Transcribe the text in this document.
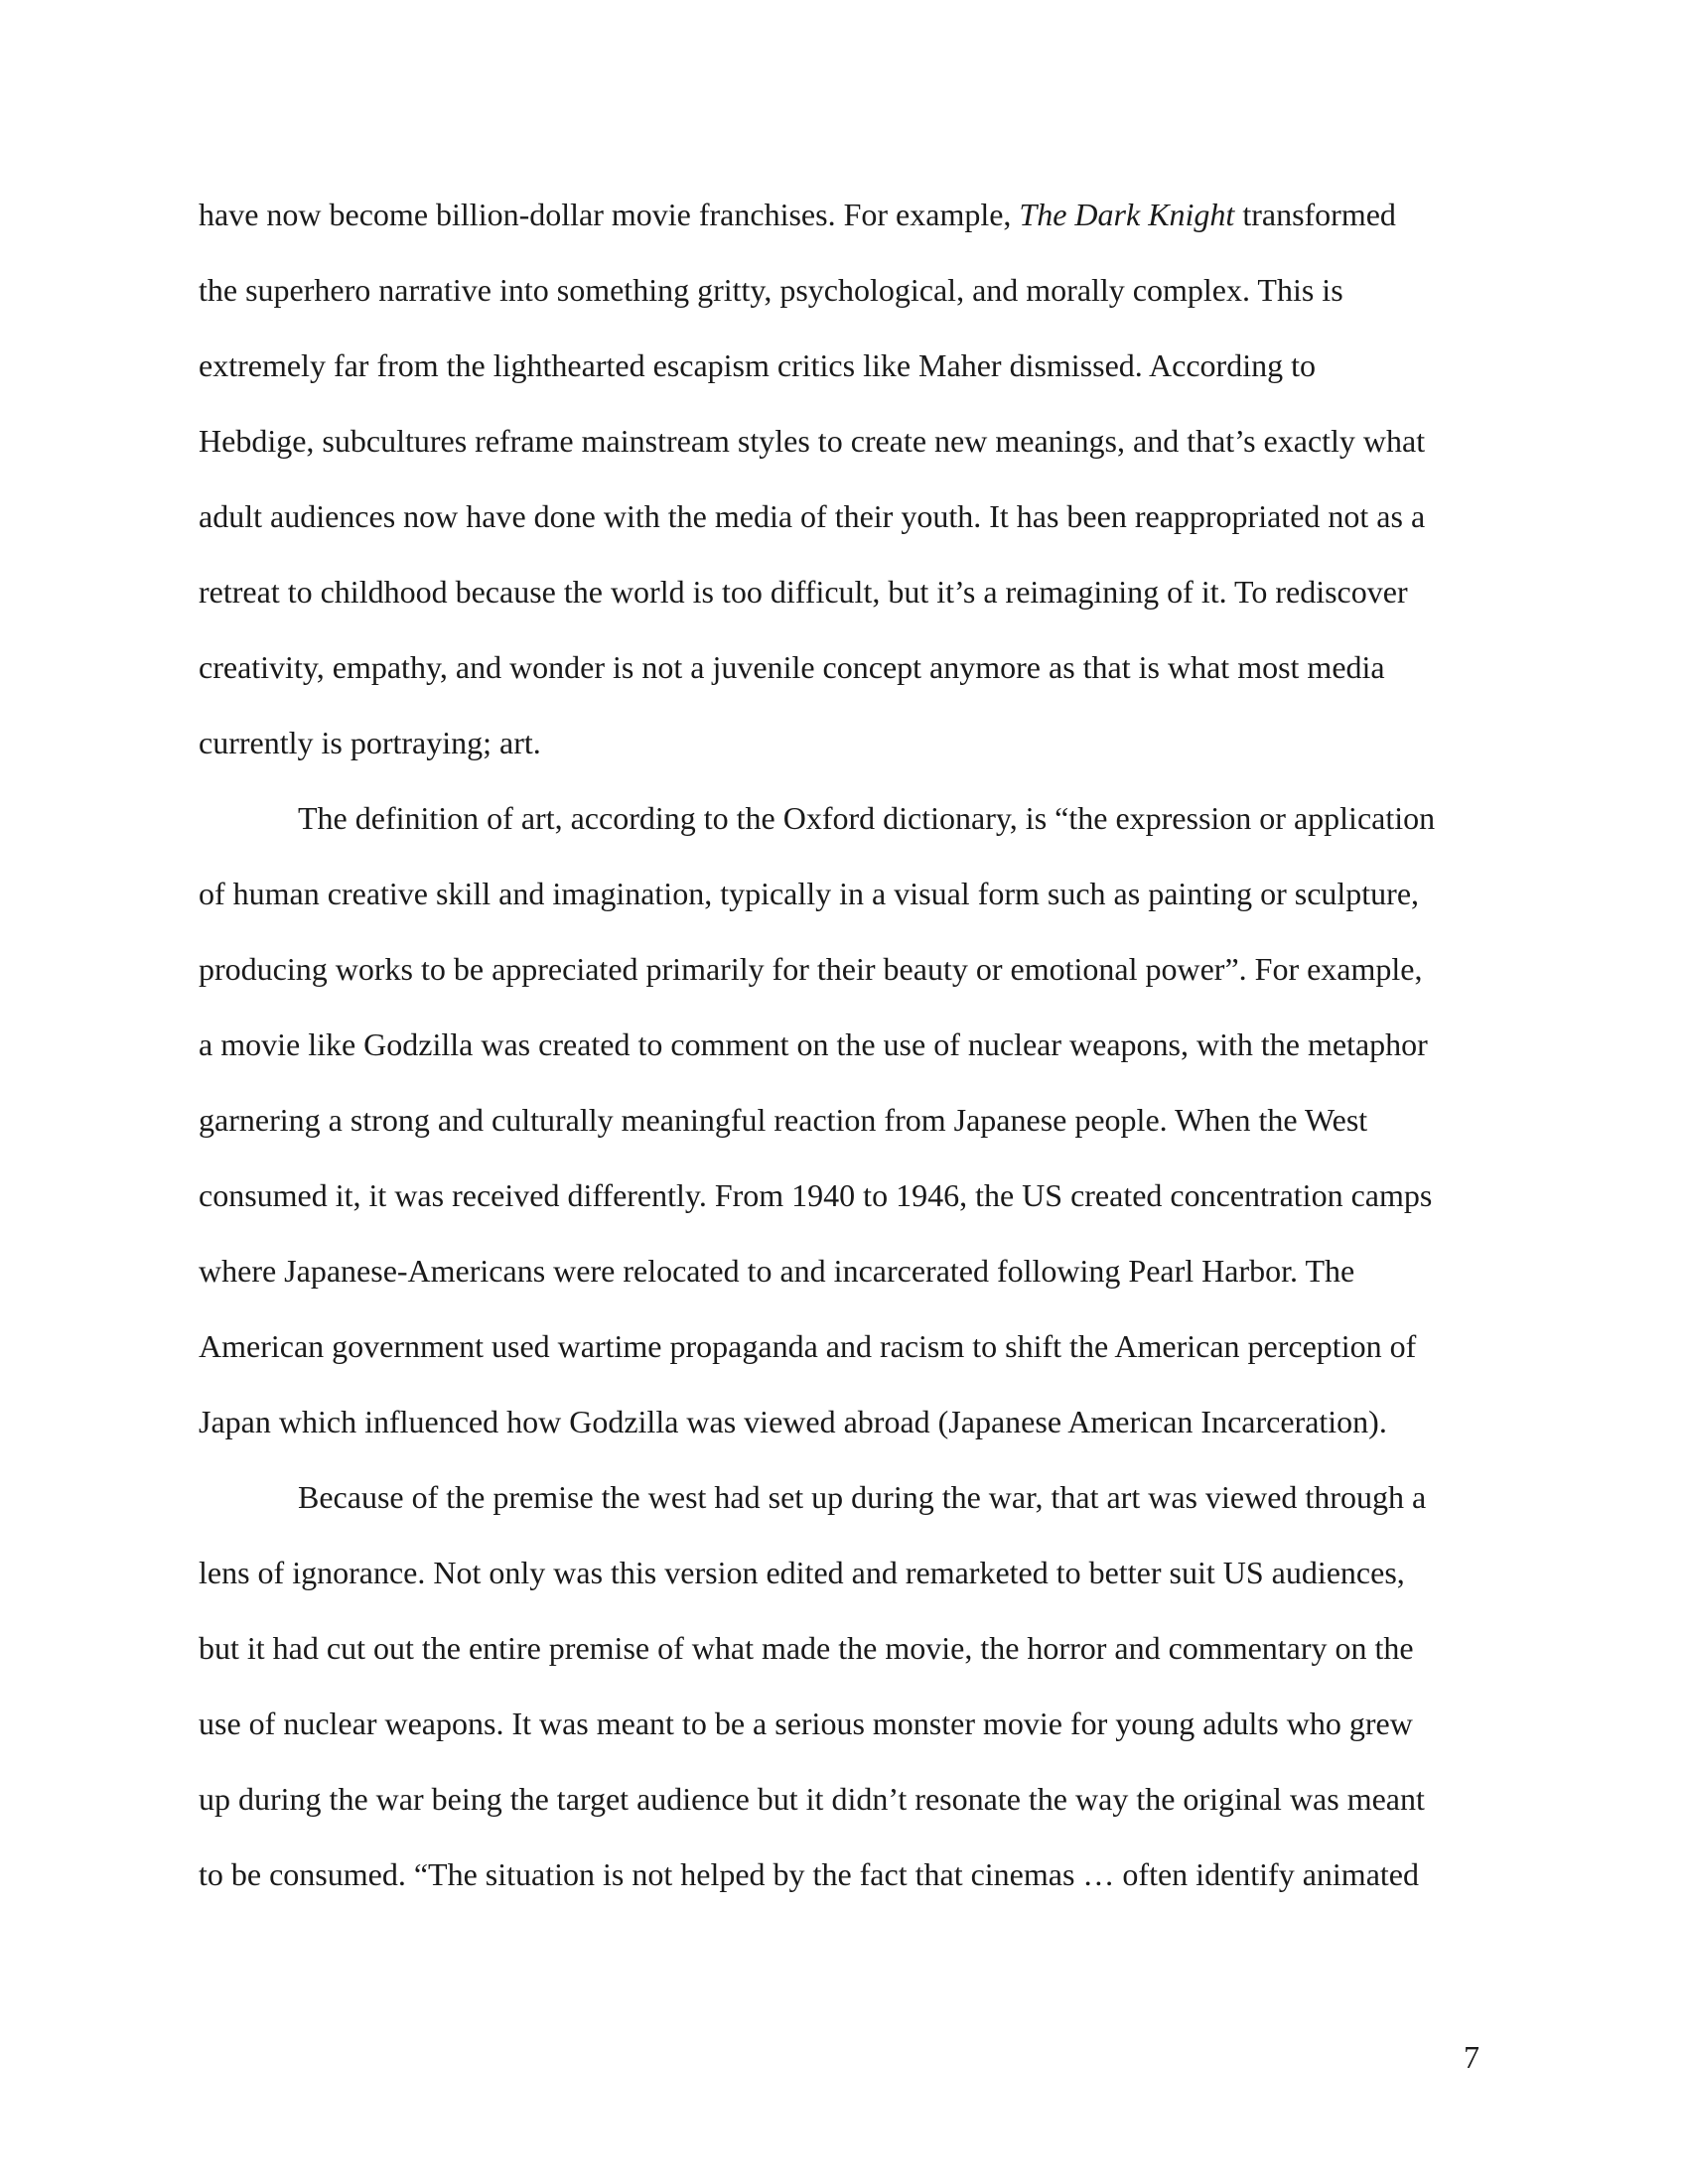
have now become billion-dollar movie franchises. For example, The Dark Knight transformed

the superhero narrative into something gritty, psychological, and morally complex. This is

extremely far from the lighthearted escapism critics like Maher dismissed. According to

Hebdige, subcultures reframe mainstream styles to create new meanings, and that’s exactly what

adult audiences now have done with the media of their youth. It has been reappropriated not as a

retreat to childhood because the world is too difficult, but it’s a reimagining of it. To rediscover

creativity, empathy, and wonder is not a juvenile concept anymore as that is what most media

currently is portraying; art.

The definition of art, according to the Oxford dictionary, is “the expression or application

of human creative skill and imagination, typically in a visual form such as painting or sculpture,

producing works to be appreciated primarily for their beauty or emotional power”. For example,

a movie like Godzilla was created to comment on the use of nuclear weapons, with the metaphor

garnering a strong and culturally meaningful reaction from Japanese people. When the West

consumed it, it was received differently. From 1940 to 1946, the US created concentration camps

where Japanese-Americans were relocated to and incarcerated following Pearl Harbor. The

American government used wartime propaganda and racism to shift the American perception of

Japan which influenced how Godzilla was viewed abroad (Japanese American Incarceration).

Because of the premise the west had set up during the war, that art was viewed through a

lens of ignorance. Not only was this version edited and remarketed to better suit US audiences,

but it had cut out the entire premise of what made the movie, the horror and commentary on the

use of nuclear weapons. It was meant to be a serious monster movie for young adults who grew

up during the war being the target audience but it didn’t resonate the way the original was meant

to be consumed. “The situation is not helped by the fact that cinemas … often identify animated

7
